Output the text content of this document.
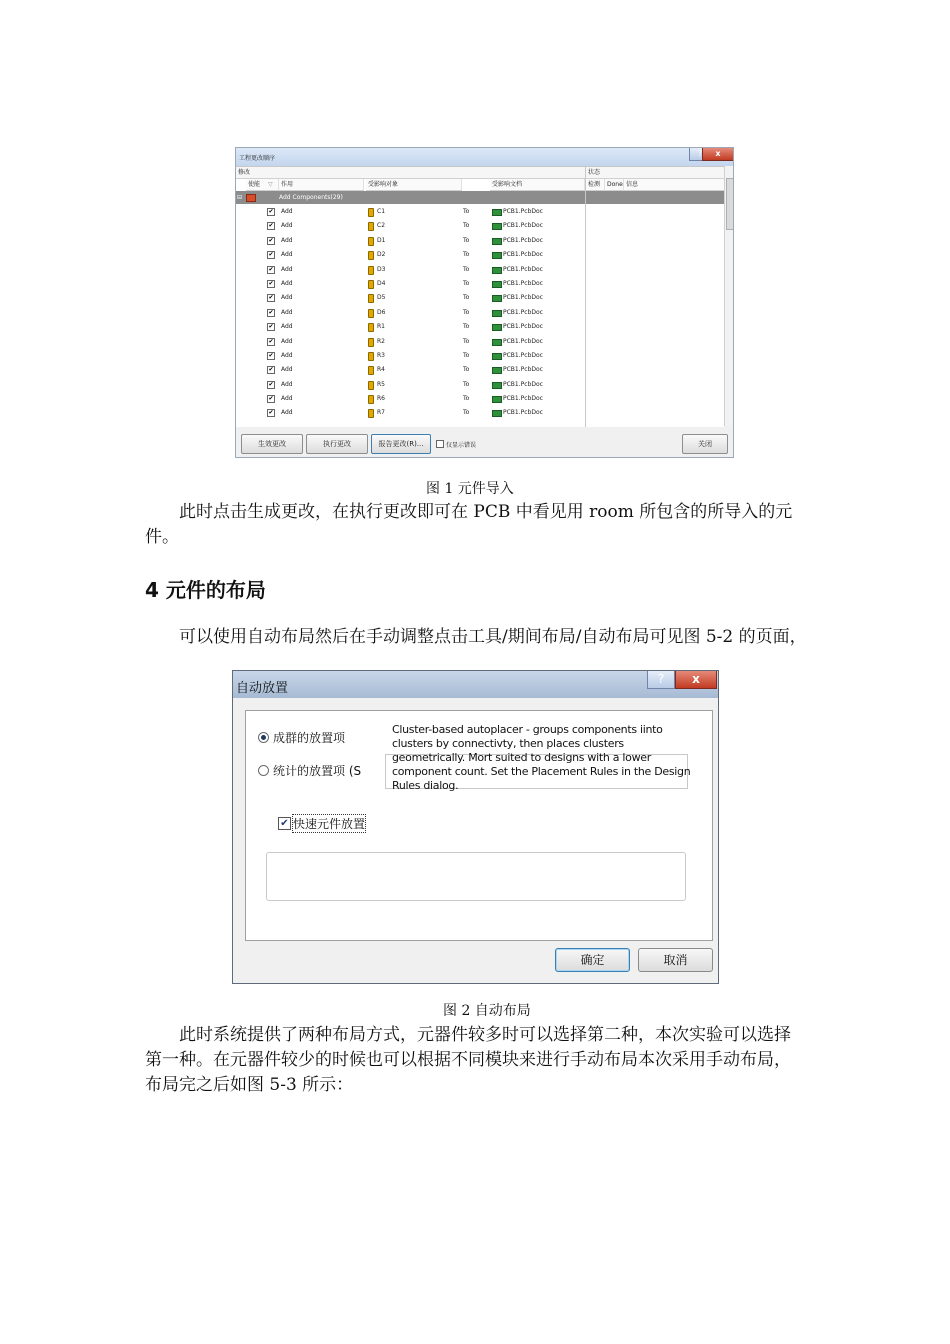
工程更改顺序
?	x
修改	状态
使能 ▽	作用	受影响对象	受影响文档	检测	Done 信息
⊟	Add Components(29)
✔ Add	C1	To	PCB1.PcbDoc
✔ Add	C2	To	PCB1.PcbDoc
✔ Add	D1	To	PCB1.PcbDoc
✔ Add	D2	To	PCB1.PcbDoc
✔ Add	D3	To	PCB1.PcbDoc
✔ Add	D4	To	PCB1.PcbDoc
✔ Add	D5	To	PCB1.PcbDoc
✔ Add	D6	To	PCB1.PcbDoc
✔ Add	R1	To	PCB1.PcbDoc
✔ Add	R2	To	PCB1.PcbDoc
✔ Add	R3	To	PCB1.PcbDoc
✔ Add	R4	To	PCB1.PcbDoc
✔ Add	R5	To	PCB1.PcbDoc
✔ Add	R6	To	PCB1.PcbDoc
✔ Add	R7	To	PCB1.PcbDoc
生效更改	执行更改	报告更改(R)...	仅显示错误	关闭
图 1 元件导入
此时点击生成更改，在执行更改即可在 PCB 中看见用 room 所包含的所导入的元件。
4 元件的布局
可以使用自动布局然后在手动调整点击工具/期间布局/自动布局可见图 5-2 的页面，
自动放置
?	x
成群的放置项
统计的放置项 (S
Cluster-based autoplacer - groups components iinto clusters by connectivty, then places clusters geometrically. Mort suited to designs with a lower component count. Set the Placement Rules in the Design Rules dialog.
✔ 快速元件放置
确定	取消
图 2 自动布局
此时系统提供了两种布局方式，元器件较多时可以选择第二种，本次实验可以选择第一种。在元器件较少的时候也可以根据不同模块来进行手动布局本次采用手动布局，布局完之后如图 5-3 所示：
